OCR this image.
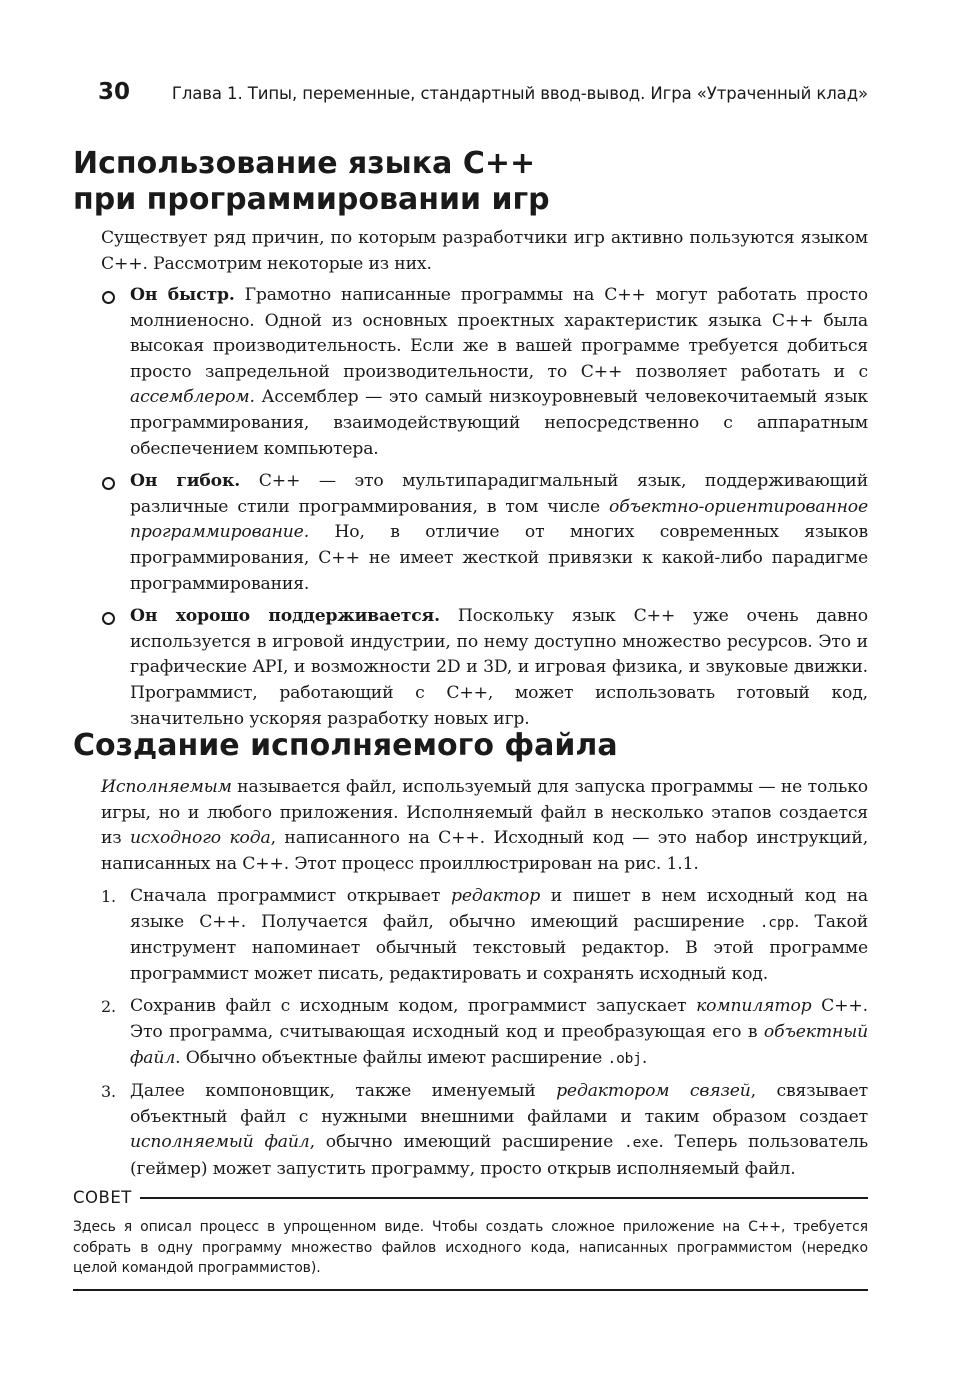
30	Глава 1. Типы, переменные, стандартный ввод-вывод. Игра «Утраченный клад»
Использование языка C++
при программировании игр

Существует ряд причин, по которым разработчики игр активно пользуются языком C++. Рассмотрим некоторые из них.

Он быстр. Грамотно написанные программы на C++ могут работать просто молниеносно. Одной из основных проектных характеристик языка C++ была высокая производительность. Если же в вашей программе требуется добиться просто запредельной производительности, то C++ позволяет работать и с ассемблером. Ассемблер — это самый низкоуровневый человекочитаемый язык программирования, взаимодействующий непосредственно с аппаратным обеспечением компьютера.
Он гибок. C++ — это мультипарадигмальный язык, поддерживающий различные стили программирования, в том числе объектно-ориентированное программирование. Но, в отличие от многих современных языков программирования, C++ не имеет жесткой привязки к какой-либо парадигме программирования.
Он хорошо поддерживается. Поскольку язык C++ уже очень давно используется в игровой индустрии, по нему доступно множество ресурсов. Это и графические API, и возможности 2D и 3D, и игровая физика, и звуковые движки. Программист, работающий с C++, может использовать готовый код, значительно ускоряя разработку новых игр.
Создание исполняемого файла

Исполняемым называется файл, используемый для запуска программы — не только игры, но и любого приложения. Исполняемый файл в несколько этапов создается из исходного кода, написанного на C++. Исходный код — это набор инструкций, написанных на C++. Этот процесс проиллюстрирован на рис. 1.1.

1. Сначала программист открывает редактор и пишет в нем исходный код на языке C++. Получается файл, обычно имеющий расширение .cpp. Такой инструмент напоминает обычный текстовый редактор. В этой программе программист может писать, редактировать и сохранять исходный код.
2. Сохранив файл с исходным кодом, программист запускает компилятор C++. Это программа, считывающая исходный код и преобразующая его в объектный файл. Обычно объектные файлы имеют расширение .obj.
3. Далее компоновщик, также именуемый редактором связей, связывает объектный файл с нужными внешними файлами и таким образом создает исполняемый файл, обычно имеющий расширение .exe. Теперь пользователь (геймер) может запустить программу, просто открыв исполняемый файл.
СОВЕТ

Здесь я описал процесс в упрощенном виде. Чтобы создать сложное приложение на C++, требуется собрать в одну программу множество файлов исходного кода, написанных программистом (нередко целой командой программистов).
